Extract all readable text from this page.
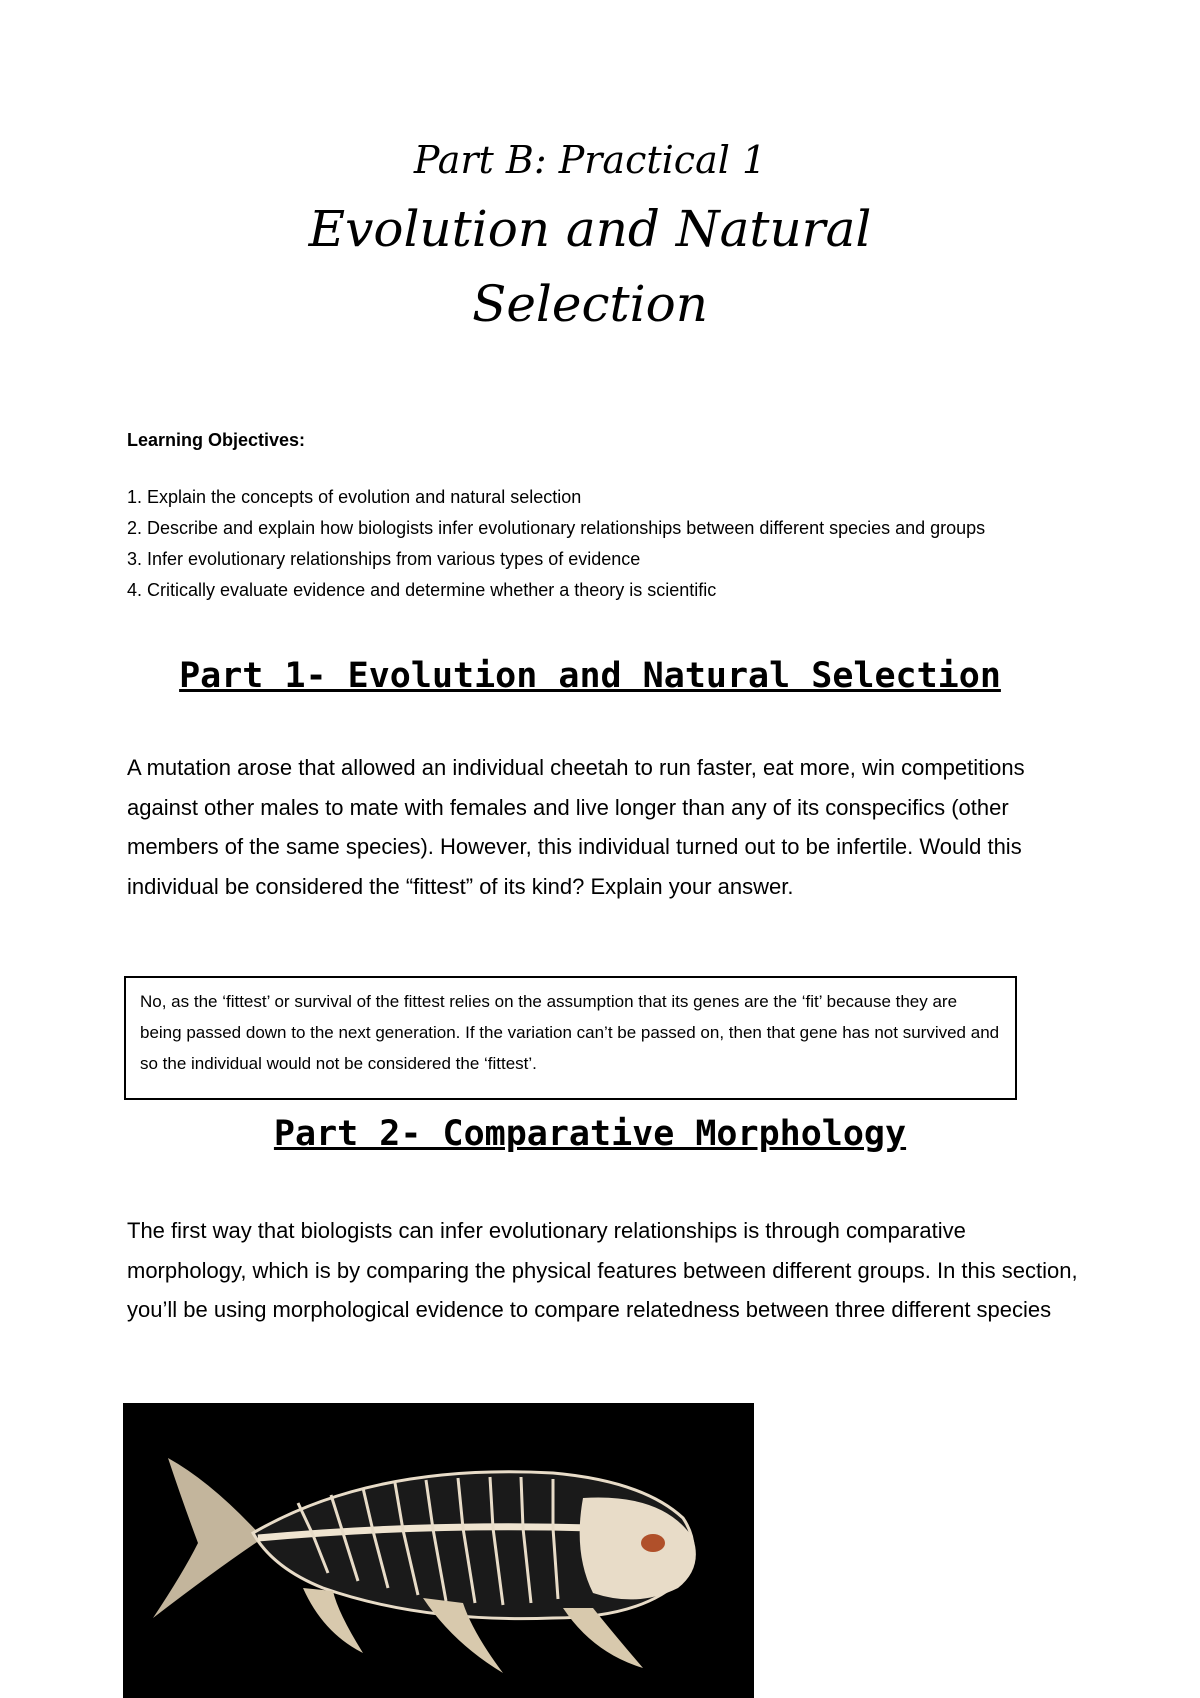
Part B: Practical 1
Evolution and Natural
Selection
Learning Objectives:
1. Explain the concepts of evolution and natural selection
2. Describe and explain how biologists infer evolutionary relationships between different species and groups
3. Infer evolutionary relationships from various types of evidence
4. Critically evaluate evidence and determine whether a theory is scientific
Part 1- Evolution and Natural Selection
A mutation arose that allowed an individual cheetah to run faster, eat more, win competitions against other males to mate with females and live longer than any of its conspecifics (other members of the same species). However, this individual turned out to be infertile. Would this individual be considered the “fittest” of its kind? Explain your answer.
No, as the ‘fittest’ or survival of the fittest relies on the assumption that its genes are the ‘fit’ because they are being passed down to the next generation. If the variation can’t be passed on, then that gene has not survived and so the individual would not be considered the ‘fittest’.
Part 2- Comparative Morphology
The first way that biologists can infer evolutionary relationships is through comparative morphology, which is by comparing the physical features between different groups. In this section, you’ll be using morphological evidence to compare relatedness between three different species
